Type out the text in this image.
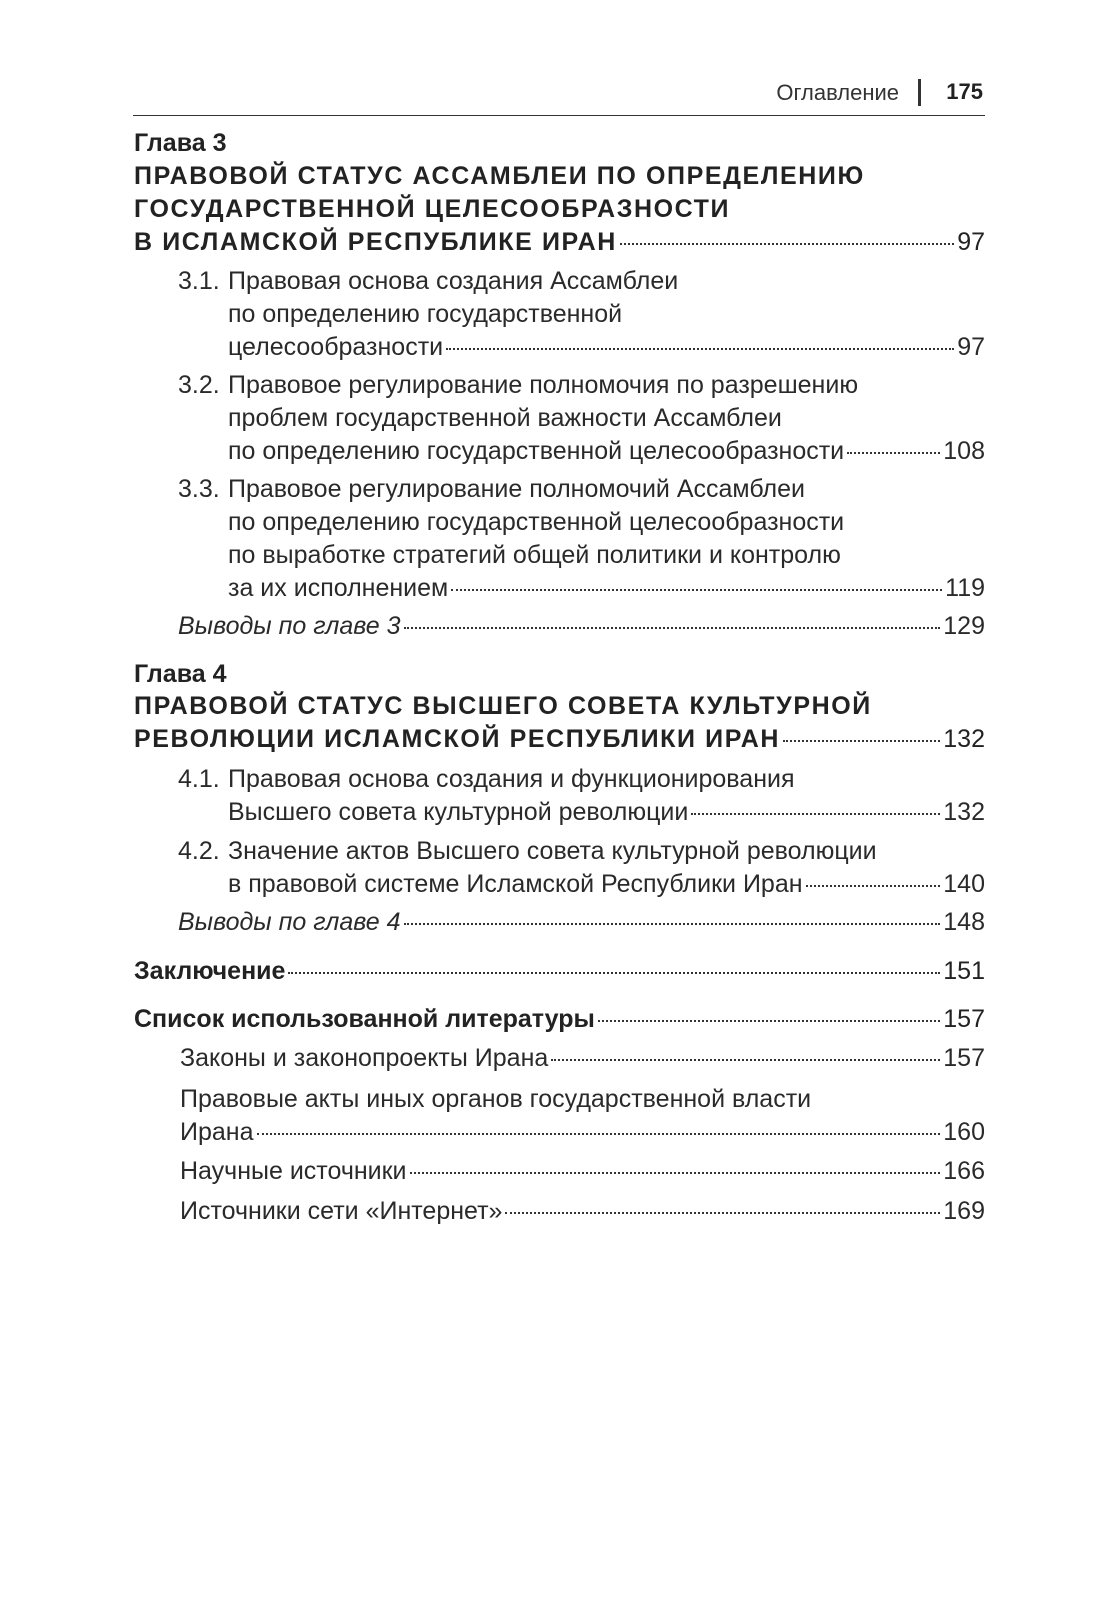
Оглавление 175
Глава 3
ПРАВОВОЙ СТАТУС АССАМБЛЕИ ПО ОПРЕДЕЛЕНИЮ
ГОСУДАРСТВЕННОЙ ЦЕЛЕСООБРАЗНОСТИ
В ИСЛАМСКОЙ РЕСПУБЛИКЕ ИРАН	97
3.1. Правовая основа создания Ассамблеи
по определению государственной
целесообразности	97
3.2. Правовое регулирование полномочия по разрешению
проблем государственной важности Ассамблеи
по определению государственной целесообразности	108
3.3. Правовое регулирование полномочий Ассамблеи
по определению государственной целесообразности
по выработке стратегий общей политики и контролю
за их исполнением	119
Выводы по главе 3	129
Глава 4
ПРАВОВОЙ СТАТУС ВЫСШЕГО СОВЕТА КУЛЬТУРНОЙ
РЕВОЛЮЦИИ ИСЛАМСКОЙ РЕСПУБЛИКИ ИРАН	132
4.1. Правовая основа создания и функционирования
Высшего совета культурной революции	132
4.2. Значение актов Высшего совета культурной революции
в правовой системе Исламской Республики Иран	140
Выводы по главе 4	148
Заключение	151
Список использованной литературы	157
Законы и законопроекты Ирана	157
Правовые акты иных органов государственной власти
Ирана	160
Научные источники	166
Источники сети «Интернет»	169
